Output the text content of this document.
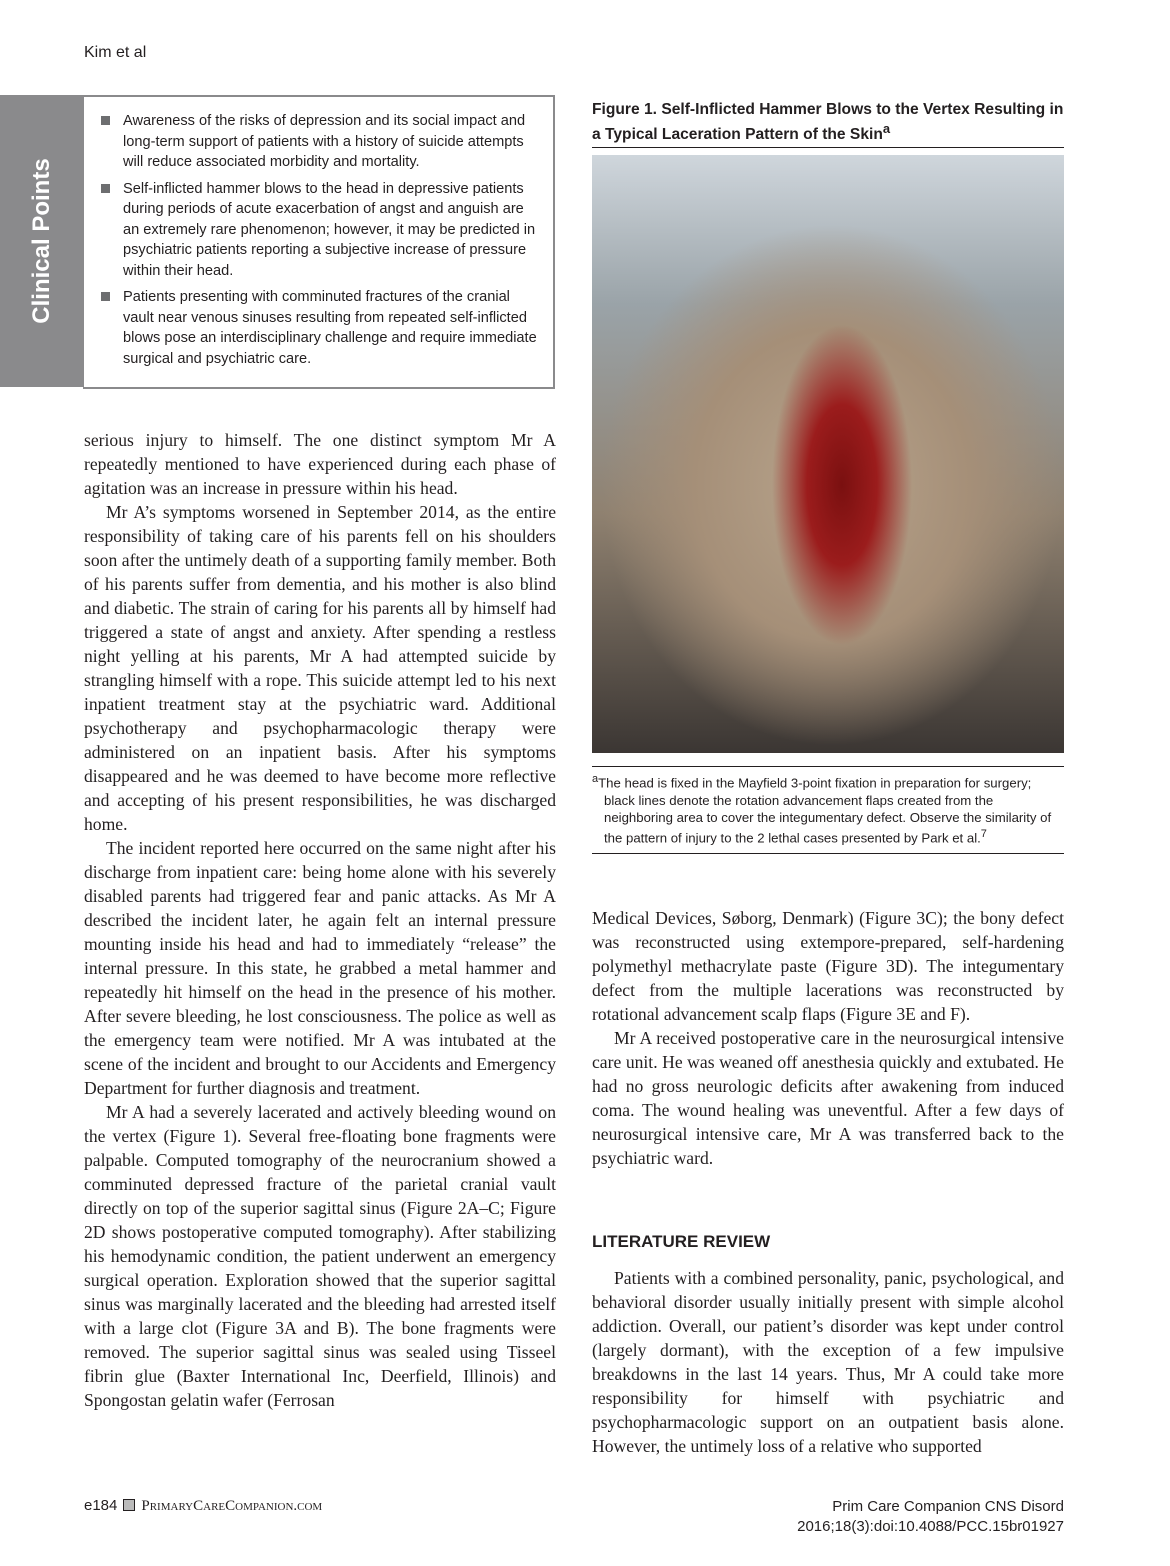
Kim et al
Clinical Points
Awareness of the risks of depression and its social impact and long-term support of patients with a history of suicide attempts will reduce associated morbidity and mortality.
Self-inflicted hammer blows to the head in depressive patients during periods of acute exacerbation of angst and anguish are an extremely rare phenomenon; however, it may be predicted in psychiatric patients reporting a subjective increase of pressure within their head.
Patients presenting with comminuted fractures of the cranial vault near venous sinuses resulting from repeated self-inflicted blows pose an interdisciplinary challenge and require immediate surgical and psychiatric care.

serious injury to himself. The one distinct symptom Mr A repeatedly mentioned to have experienced during each phase of agitation was an increase in pressure within his head.

Mr A’s symptoms worsened in September 2014, as the entire responsibility of taking care of his parents fell on his shoulders soon after the untimely death of a supporting family member. Both of his parents suffer from dementia, and his mother is also blind and diabetic. The strain of caring for his parents all by himself had triggered a state of angst and anxiety. After spending a restless night yelling at his parents, Mr A had attempted suicide by strangling himself with a rope. This suicide attempt led to his next inpatient treatment stay at the psychiatric ward. Additional psychotherapy and psychopharmacologic therapy were administered on an inpatient basis. After his symptoms disappeared and he was deemed to have become more reflective and accepting of his present responsibilities, he was discharged home.

The incident reported here occurred on the same night after his discharge from inpatient care: being home alone with his severely disabled parents had triggered fear and panic attacks. As Mr A described the incident later, he again felt an internal pressure mounting inside his head and had to immediately “release” the internal pressure. In this state, he grabbed a metal hammer and repeatedly hit himself on the head in the presence of his mother. After severe bleeding, he lost consciousness. The police as well as the emergency team were notified. Mr A was intubated at the scene of the incident and brought to our Accidents and Emergency Department for further diagnosis and treatment.

Mr A had a severely lacerated and actively bleeding wound on the vertex (Figure 1). Several free-floating bone fragments were palpable. Computed tomography of the neurocranium showed a comminuted depressed fracture of the parietal cranial vault directly on top of the superior sagittal sinus (Figure 2A–C; Figure 2D shows postoperative computed tomography). After stabilizing his hemodynamic condition, the patient underwent an emergency surgical operation. Exploration showed that the superior sagittal sinus was marginally lacerated and the bleeding had arrested itself with a large clot (Figure 3A and B). The bone fragments were removed. The superior sagittal sinus was sealed using Tisseel fibrin glue (Baxter International Inc, Deerfield, Illinois) and Spongostan gelatin wafer (Ferrosan

Figure 1. Self-Inflicted Hammer Blows to the Vertex Resulting in a Typical Laceration Pattern of the Skin$^a$

$^a$The head is fixed in the Mayfield 3-point fixation in preparation for surgery; black lines denote the rotation advancement flaps created from the neighboring area to cover the integumentary defect. Observe the similarity of the pattern of injury to the 2 lethal cases presented by Park et al.$^7$

Medical Devices, Søborg, Denmark) (Figure 3C); the bony defect was reconstructed using extempore-prepared, self-hardening polymethyl methacrylate paste (Figure 3D). The integumentary defect from the multiple lacerations was reconstructed by rotational advancement scalp flaps (Figure 3E and F).

Mr A received postoperative care in the neurosurgical intensive care unit. He was weaned off anesthesia quickly and extubated. He had no gross neurologic deficits after awakening from induced coma. The wound healing was uneventful. After a few days of neurosurgical intensive care, Mr A was transferred back to the psychiatric ward.

LITERATURE REVIEW

Patients with a combined personality, panic, psychological, and behavioral disorder usually initially present with simple alcohol addiction. Overall, our patient’s disorder was kept under control (largely dormant), with the exception of a few impulsive breakdowns in the last 14 years. Thus, Mr A could take more responsibility for himself with psychiatric and psychopharmacologic support on an outpatient basis alone. However, the untimely loss of a relative who supported

e184 PrimaryCareCompanion.com	Prim Care Companion CNS Disord
2016;18(3):doi:10.4088/PCC.15br01927
